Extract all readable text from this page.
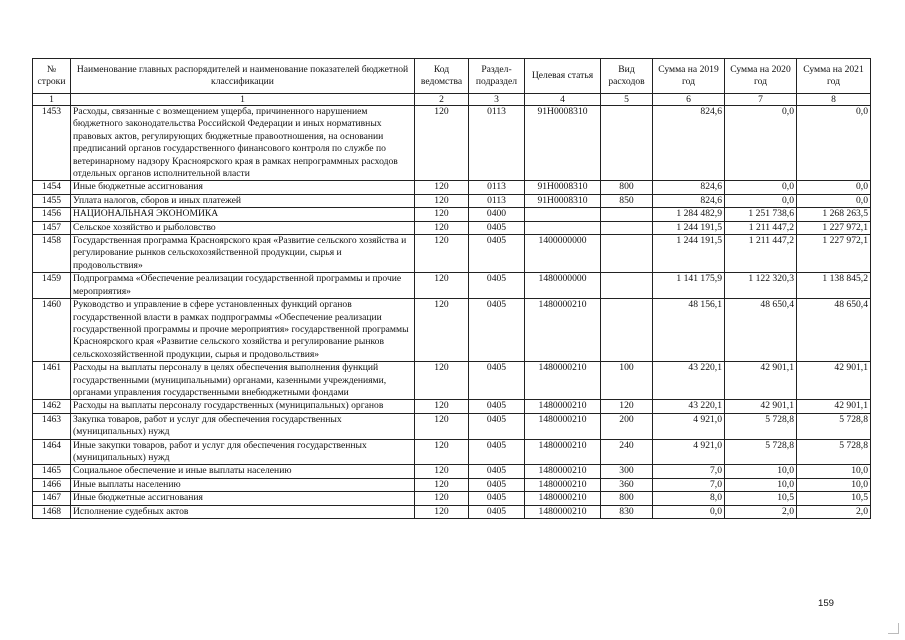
№ строки	Наименование главных распорядителей и наименование показателей бюджетной классификации	Код ведомства	Раздел-подраздел	Целевая статья	Вид расходов	Сумма на 2019 год	Сумма на 2020 год	Сумма на 2021 год
1	1	2	3	4	5	6	7	8
1453	Расходы, связанные с возмещением ущерба, причиненного нарушением бюджетного законодательства Российской Федерации и иных нормативных правовых актов, регулирующих бюджетные правоотношения, на основании предписаний органов государственного финансового контроля по службе по ветеринарному надзору Красноярского края в рамках непрограммных расходов отдельных органов исполнительной власти	120	0113	91Н0008310		824,6	0,0	0,0
1454	Иные бюджетные ассигнования	120	0113	91Н0008310	800	824,6	0,0	0,0
1455	Уплата налогов, сборов и иных платежей	120	0113	91Н0008310	850	824,6	0,0	0,0
1456	НАЦИОНАЛЬНАЯ ЭКОНОМИКА	120	0400			1 284 482,9	1 251 738,6	1 268 263,5
1457	Сельское хозяйство и рыболовство	120	0405			1 244 191,5	1 211 447,2	1 227 972,1
1458	Государственная программа Красноярского края «Развитие сельского хозяйства и регулирование рынков сельскохозяйственной продукции, сырья и продовольствия»	120	0405	1400000000		1 244 191,5	1 211 447,2	1 227 972,1
1459	Подпрограмма «Обеспечение реализации государственной программы и прочие мероприятия»	120	0405	1480000000		1 141 175,9	1 122 320,3	1 138 845,2
1460	Руководство и управление в сфере установленных функций органов государственной власти в рамках подпрограммы «Обеспечение реализации государственной программы и прочие мероприятия» государственной программы Красноярского края «Развитие сельского хозяйства и регулирование рынков сельскохозяйственной продукции, сырья и продовольствия»	120	0405	1480000210		48 156,1	48 650,4	48 650,4
1461	Расходы на выплаты персоналу в целях обеспечения выполнения функций государственными (муниципальными) органами, казенными учреждениями, органами управления государственными внебюджетными фондами	120	0405	1480000210	100	43 220,1	42 901,1	42 901,1
1462	Расходы на выплаты персоналу государственных (муниципальных) органов	120	0405	1480000210	120	43 220,1	42 901,1	42 901,1
1463	Закупка товаров, работ и услуг для обеспечения государственных (муниципальных) нужд	120	0405	1480000210	200	4 921,0	5 728,8	5 728,8
1464	Иные закупки товаров, работ и услуг для обеспечения государственных (муниципальных) нужд	120	0405	1480000210	240	4 921,0	5 728,8	5 728,8
1465	Социальное обеспечение и иные выплаты населению	120	0405	1480000210	300	7,0	10,0	10,0
1466	Иные выплаты населению	120	0405	1480000210	360	7,0	10,0	10,0
1467	Иные бюджетные ассигнования	120	0405	1480000210	800	8,0	10,5	10,5
1468	Исполнение судебных актов	120	0405	1480000210	830	0,0	2,0	2,0
159
